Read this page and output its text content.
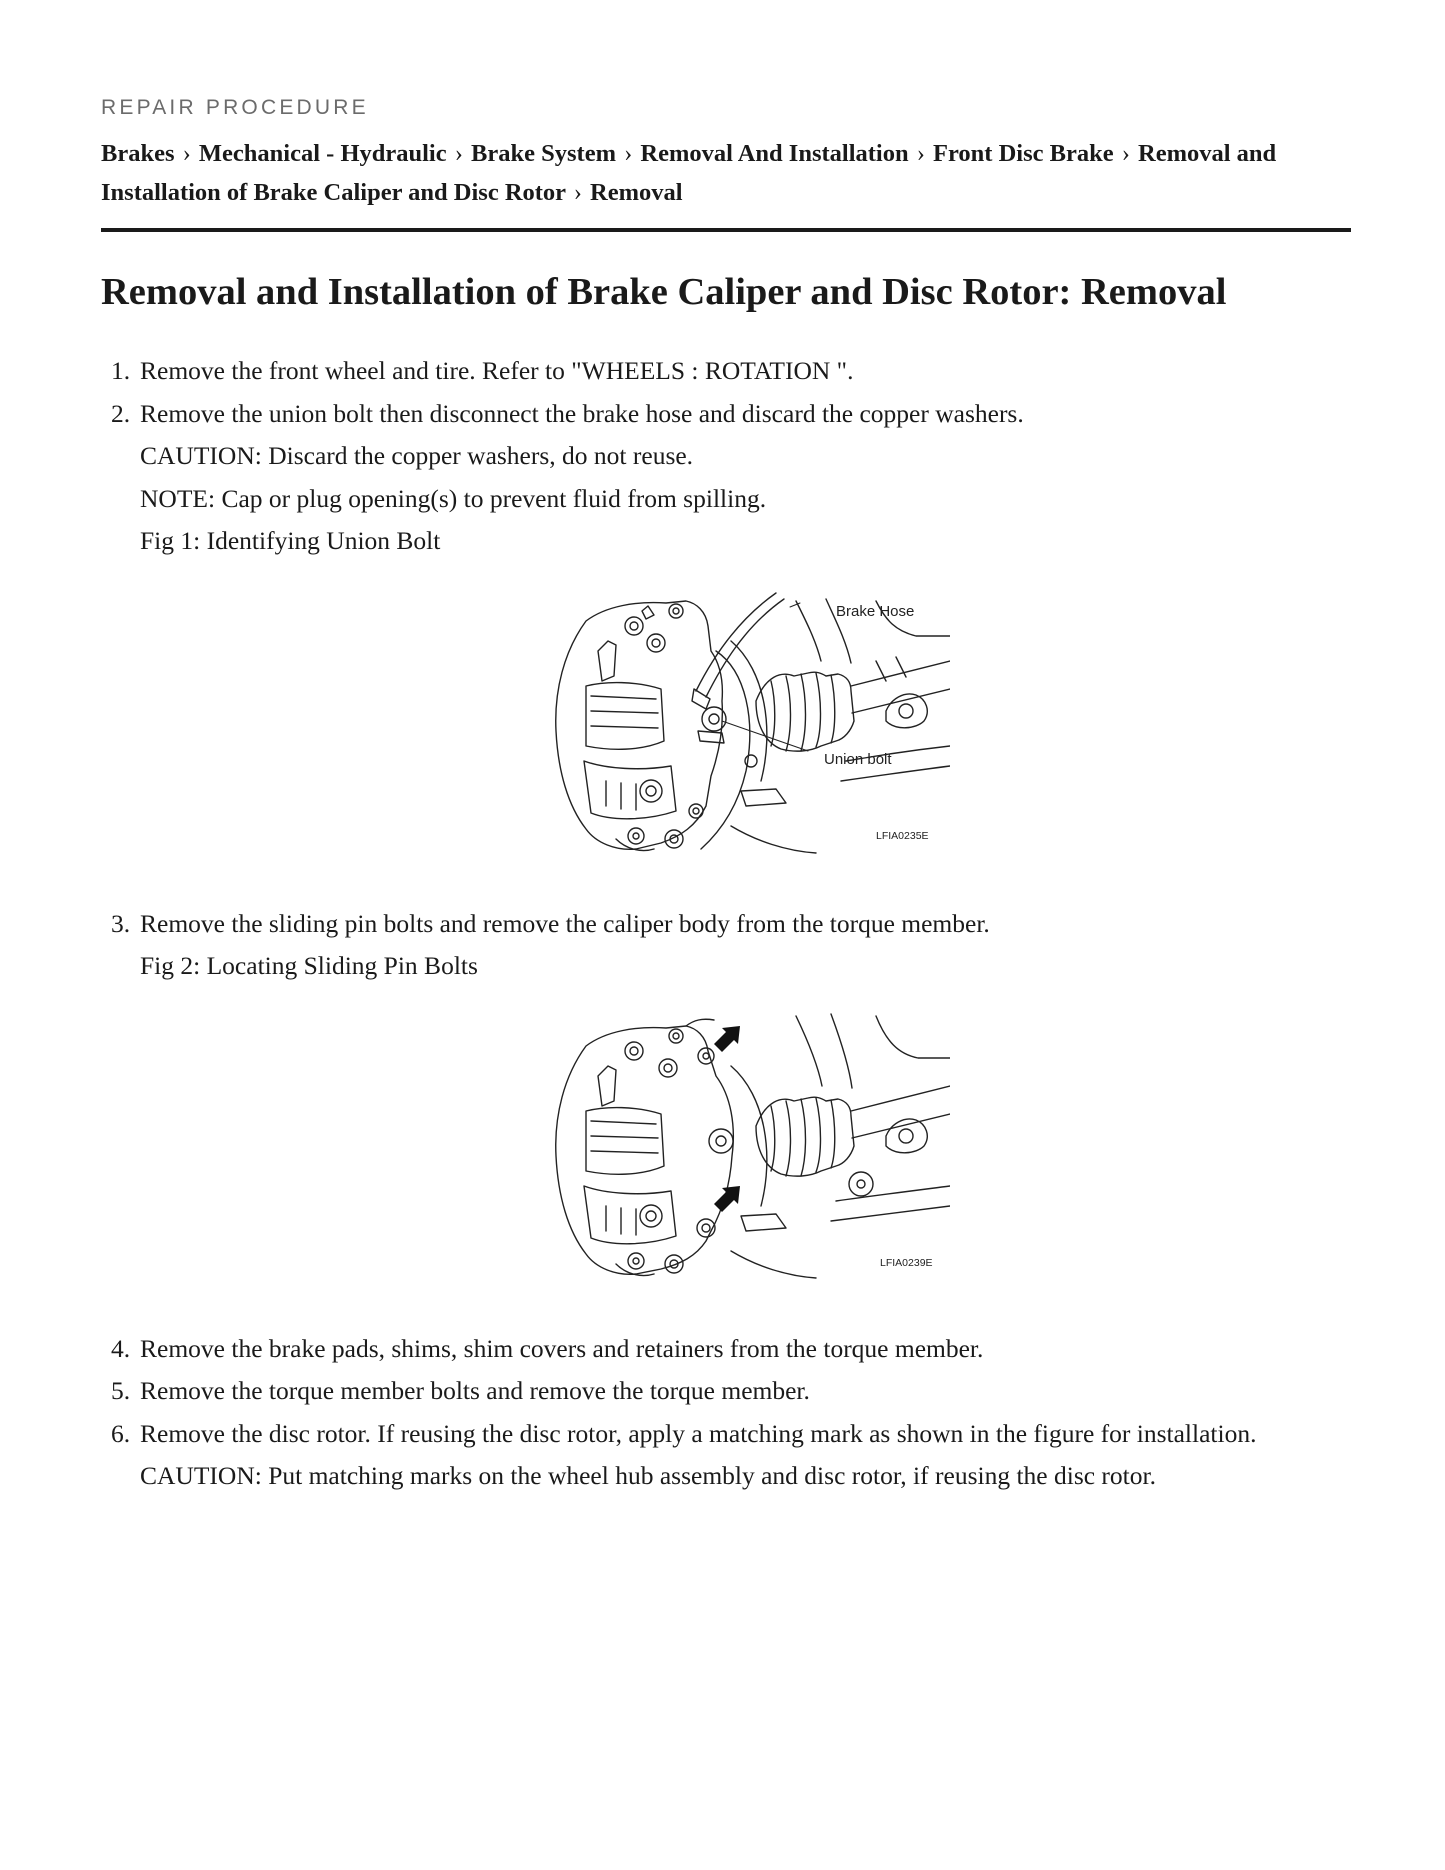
REPAIR PROCEDURE
Brakes › Mechanical - Hydraulic › Brake System › Removal And Installation › Front Disc Brake › Removal and Installation of Brake Caliper and Disc Rotor › Removal
Removal and Installation of Brake Caliper and Disc Rotor: Removal
1. Remove the front wheel and tire. Refer to "WHEELS : ROTATION ".
2. Remove the union bolt then disconnect the brake hose and discard the copper washers.
CAUTION: Discard the copper washers, do not reuse.
NOTE: Cap or plug opening(s) to prevent fluid from spilling.
Fig 1: Identifying Union Bolt
Brake Hose
Union bolt
LFIA0235E
3. Remove the sliding pin bolts and remove the caliper body from the torque member.
Fig 2: Locating Sliding Pin Bolts
LFIA0239E
4. Remove the brake pads, shims, shim covers and retainers from the torque member.
5. Remove the torque member bolts and remove the torque member.
6. Remove the disc rotor. If reusing the disc rotor, apply a matching mark as shown in the figure for installation.
CAUTION: Put matching marks on the wheel hub assembly and disc rotor, if reusing the disc rotor.
